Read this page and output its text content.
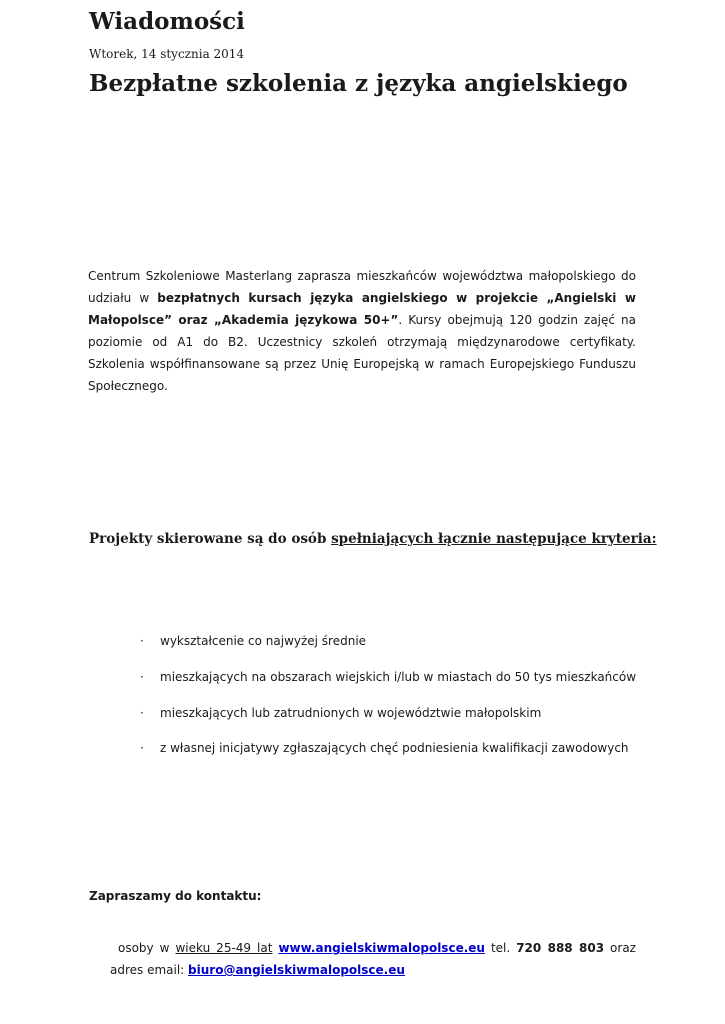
Wiadomości
Wtorek, 14 stycznia 2014
Bezpłatne szkolenia z języka angielskiego

Centrum Szkoleniowe Masterlang zaprasza mieszkańców województwa małopolskiego do udziału w bezpłatnych kursach języka angielskiego w projekcie „Angielski w Małopolsce” oraz „Akademia językowa 50+”. Kursy obejmują 120 godzin zajęć na poziomie od A1 do B2. Uczestnicy szkoleń otrzymają międzynarodowe certyfikaty. Szkolenia współfinansowane są przez Unię Europejską w ramach Europejskiego Funduszu Społecznego.

Projekty skierowane są do osób spełniających łącznie następujące kryteria:

· wykształcenie co najwyżej średnie
· mieszkających na obszarach wiejskich i/lub w miastach do 50 tys mieszkańców
· mieszkających lub zatrudnionych w województwie małopolskim
· z własnej inicjatywy zgłaszających chęć podniesienia kwalifikacji zawodowych

Zapraszamy do kontaktu:

osoby w wieku 25-49 lat www.angielskiwmalopolsce.eu tel. 720 888 803 oraz adres email: biuro@angielskiwmalopolsce.eu
